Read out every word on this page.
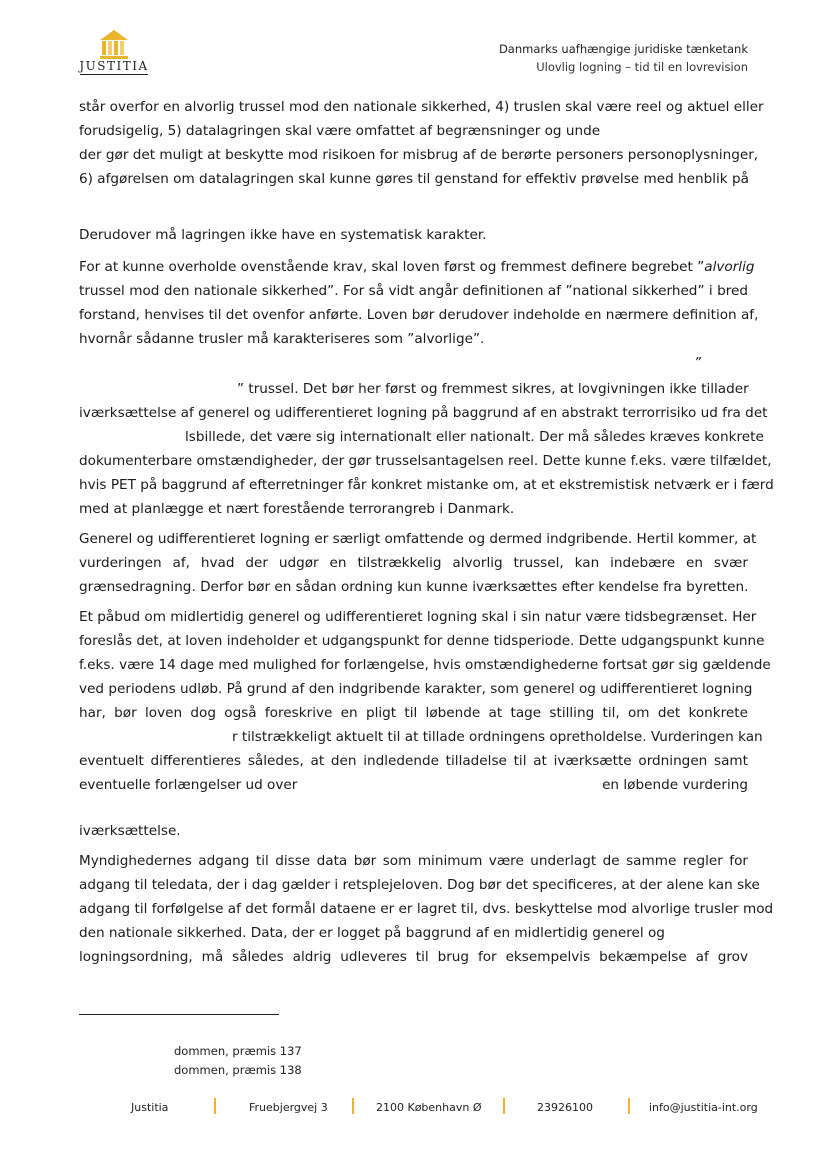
JUSTITIA
Danmarks uafhængige juridiske tænketank
Ulovlig logning – tid til en lovrevision
står overfor en alvorlig trussel mod den nationale sikkerhed, 4) truslen skal være reel og aktuel eller
forudsigelig, 5) datalagringen skal være omfattet af begrænsninger og unde
der gør det muligt at beskytte mod risikoen for misbrug af de berørte personers personoplysninger,
6) afgørelsen om datalagringen skal kunne gøres til genstand for effektiv prøvelse med henblik på
Derudover må lagringen ikke have en systematisk karakter.
For at kunne overholde ovenstående krav, skal loven først og fremmest definere begrebet ”alvorlig
trussel mod den nationale sikkerhed”. For så vidt angår definitionen af ”national sikkerhed” i bred
forstand, henvises til det ovenfor anførte. Loven bør derudover indeholde en nærmere definition af,
hvornår sådanne trusler må karakteriseres som ”alvorlige”.
”
” trussel. Det bør her først og fremmest sikres, at lovgivningen ikke tillader
iværksættelse af generel og udifferentieret logning på baggrund af en abstrakt terrorrisiko ud fra det
lsbillede, det være sig internationalt eller nationalt. Der må således kræves konkrete
dokumenterbare omstændigheder, der gør trusselsantagelsen reel. Dette kunne f.eks. være tilfældet,
hvis PET på baggrund af efterretninger får konkret mistanke om, at et ekstremistisk netværk er i færd
med at planlægge et nært forestående terrorangreb i Danmark.
Generel og udifferentieret logning er særligt omfattende og dermed indgribende. Hertil kommer, at
vurderingen af, hvad der udgør en tilstrækkelig alvorlig trussel, kan indebære en svær
grænsedragning. Derfor bør en sådan ordning kun kunne iværksættes efter kendelse fra byretten.
Et påbud om midlertidig generel og udifferentieret logning skal i sin natur være tidsbegrænset. Her
foreslås det, at loven indeholder et udgangspunkt for denne tidsperiode. Dette udgangspunkt kunne
f.eks. være 14 dage med mulighed for forlængelse, hvis omstændighederne fortsat gør sig gældende
ved periodens udløb. På grund af den indgribende karakter, som generel og udifferentieret logning
har, bør loven dog også foreskrive en pligt til løbende at tage stilling til, om det konkrete
r tilstrækkeligt aktuelt til at tillade ordningens opretholdelse. Vurderingen kan
eventuelt differentieres således, at den indledende tilladelse til at iværksætte ordningen samt
eventuelle forlængelser ud over	en løbende vurdering
iværksættelse.
Myndighedernes adgang til disse data bør som minimum være underlagt de samme regler for
adgang til teledata, der i dag gælder i retsplejeloven. Dog bør det specificeres, at der alene kan ske
adgang til forfølgelse af det formål dataene er er lagret til, dvs. beskyttelse mod alvorlige trusler mod
den nationale sikkerhed. Data, der er logget på baggrund af en midlertidig generel og
logningsordning, må således aldrig udleveres til brug for eksempelvis bekæmpelse af grov
dommen, præmis 137
dommen, præmis 138
Justitia	Fruebjergvej 3	2100 København Ø	23926100	info@justitia-int.org
